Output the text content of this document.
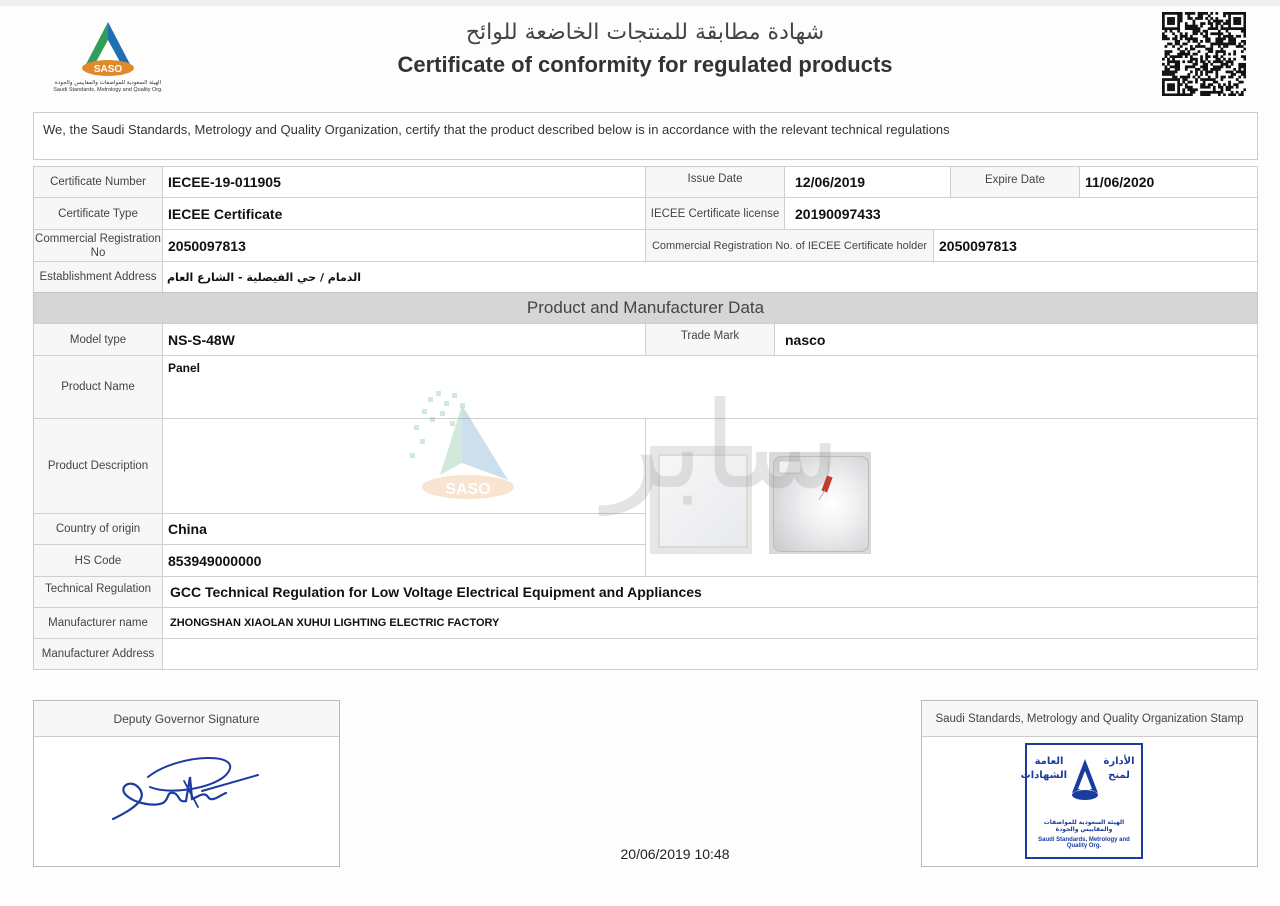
SASO
الهيئة السعودية للمواصفات والمقاييس والجودة
Saudi Standards, Metrology and Quality Org.
شهادة مطابقة للمنتجات الخاضعة للوائح
Certificate of conformity for regulated products
We, the Saudi Standards, Metrology and Quality Organization, certify that the product described below is in accordance with the relevant technical regulations
Certificate Number	IECEE-19-011905	Issue Date	12/06/2019	Expire Date	11/06/2020
Certificate Type	IECEE Certificate	IECEE Certificate license	20190097433
Commercial Registration No	2050097813	Commercial Registration No. of IECEE Certificate holder 2050097813
Establishment Address الدمام / حي الفيصلية - الشارع العام
Product and Manufacturer Data
Model type	NS-S-48W	Trade Mark	nasco
Product Name
Panel
Product Description
Country of origin	China
HS Code	853949000000
Technical Regulation	GCC Technical Regulation for Low Voltage Electrical Equipment and Appliances
Manufacturer name	ZHONGSHAN XIAOLAN XUHUI LIGHTING ELECTRIC FACTORY
Manufacturer Address
SASO سابر
Deputy Governor Signature
20/06/2019 10:48
Saudi Standards, Metrology and Quality Organization Stamp
العامة الشهادات
الأدارة لمنح
الهيئة السعودية للمواصفات والمقاييس والجودة
Saudi Standards, Metrology and Quality Org.
